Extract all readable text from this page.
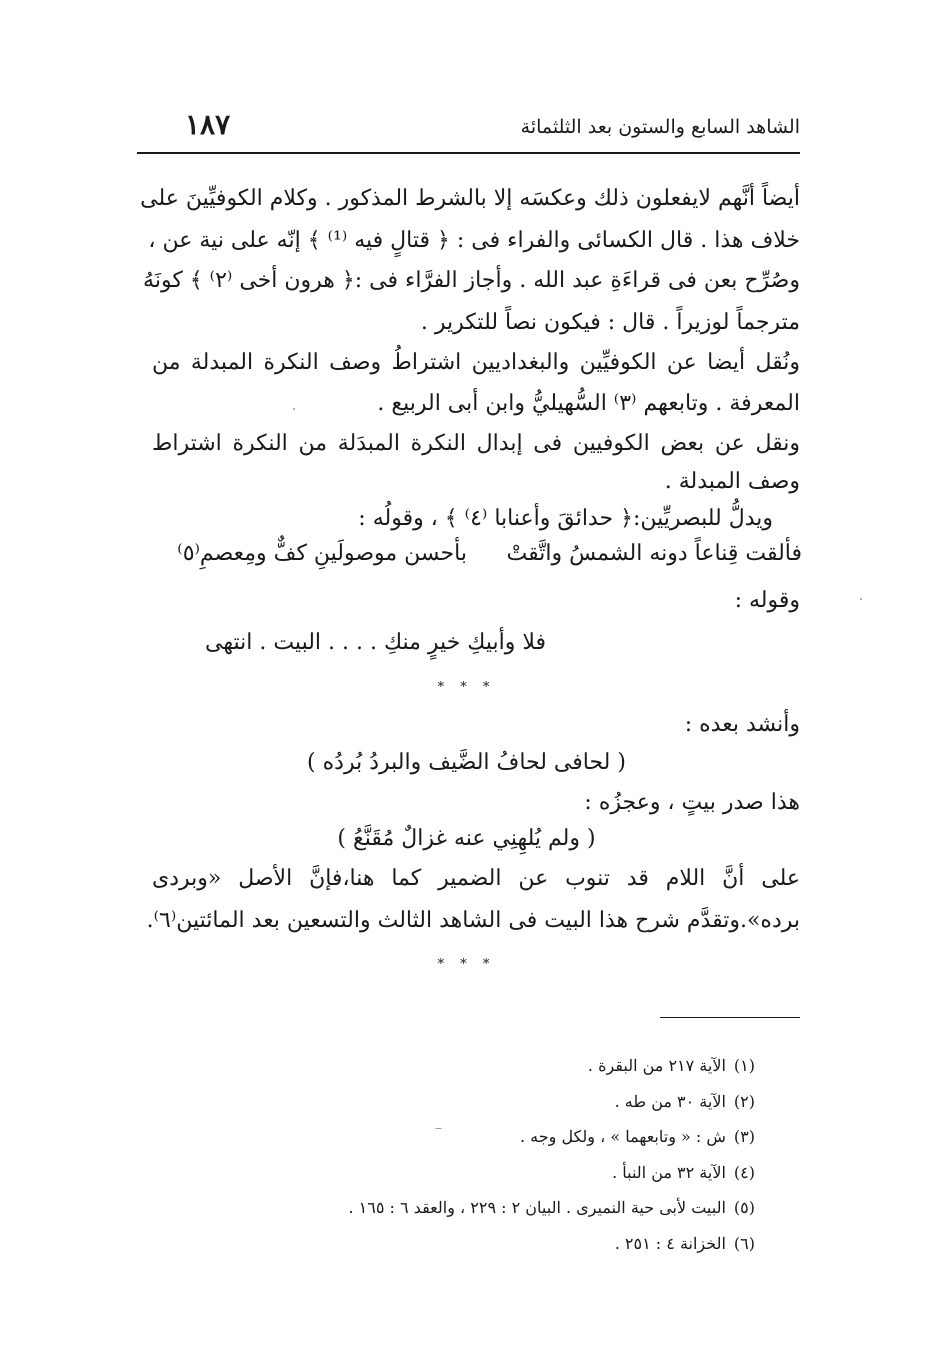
الشاهد السابع والستون بعد الثلثمائة
١٨٧
أيضاً أنَّهم لايفعلون ذلك وعكسَه إلا بالشرط المذكور . وكلام الكوفيِّينَ على
خلاف هذا . قال الكسائى والفراء فى : ﴿ قتالٍ فيه ⁽¹⁾ ﴾ إنّه على نية عن ،
وصُرِّح بعن فى قراءَةِ عبد الله . وأجاز الفرَّاء فى :﴿ هرون أخى ⁽٢⁾ ﴾ كونَهُ
مترجماً لوزيراً . قال : فيكون نصاً للتكرير .
ونُقل أيضا عن الكوفيِّين والبغداديين اشتراطُ وصف النكرة المبدلة من
المعرفة . وتابعهم ⁽٣⁾ السُّهيليُّ وابن أبى الربيع .
ونقل عن بعض الكوفيين فى إبدال النكرة المبدَلة من النكرة اشتراط
وصف المبدلة .
ويدلُّ للبصريِّين:﴿ حدائقَ وأعنابا ⁽٤⁾ ﴾ ، وقولُه :
فألقت قِناعاً دونه الشمسُ واتَّقتْ
بأحسن موصولَينِ كفٌّ ومِعصمِ⁽٥⁾
وقوله :
فلا وأبيكِ خيرٍ منكِ . . . . البيت . انتهى
* * *
وأنشد بعده :
( لحافى لحافُ الضَّيف والبردُ بُردُه )
هذا صدر بيتٍ ، وعجزُه :
( ولم يُلهِنِي عنه غزالٌ مُقَنَّعُ )
على أنَّ اللام قد تنوب عن الضمير كما هنا،فإنَّ الأصل «وبردى
برده».وتقدَّم شرح هذا البيت فى الشاهد الثالث والتسعين بعد المائتين⁽٦⁾.
* * *
(١)الآية ٢١٧ من البقرة .
(٢)الآية ٣٠ من طه .
(٣)ش : « وتابعهما » ، ولكل وجه .
(٤)الآية ٣٢ من النبأ .
(٥)البيت لأبى حية النميرى . البيان ٢ : ٢٢٩ ، والعقد ٦ : ١٦٥ .
(٦)الخزانة ٤ : ٢٥١ .
